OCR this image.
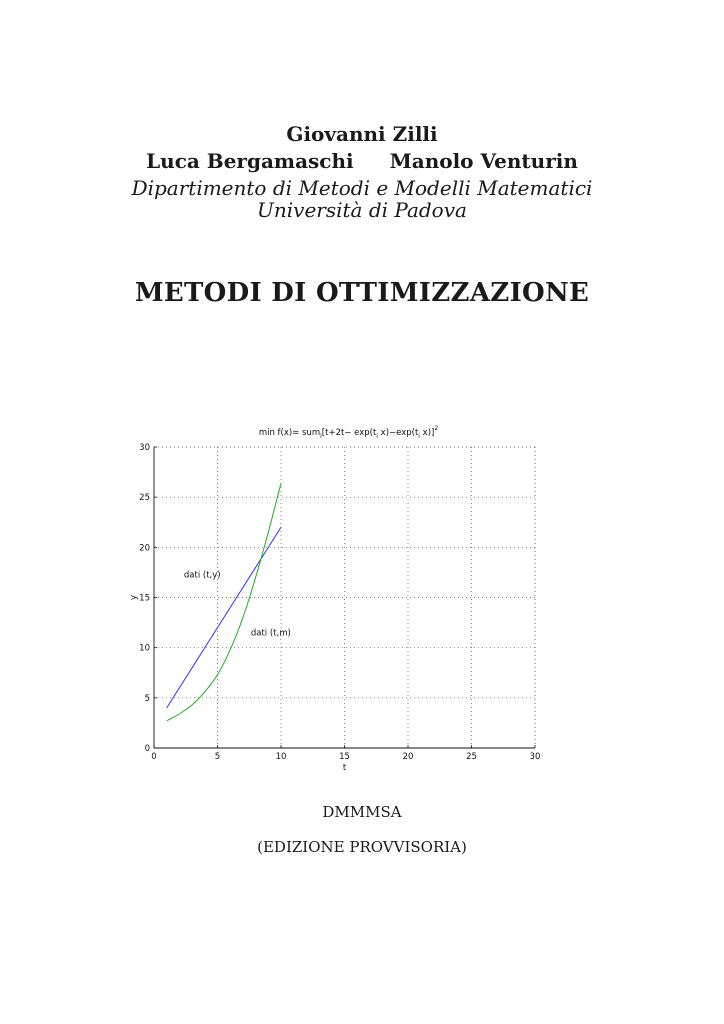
Giovanni Zilli
Luca Bergamaschi Manolo Venturin
Dipartimento di Metodi e Modelli Matematici
Università di Padova
METODI DI OTTIMIZZAZIONE
0	5	10	15	20	25	30
0
5
10
15
20
25
30
t
y
$\min f(x)= sum_i[t+2t- \exp(t_i$ $x)-\exp(t_i$ x)]$^2$
dati (t,y)
dati (t,m)
DMMMSA
(EDIZIONE PROVVISORIA)
